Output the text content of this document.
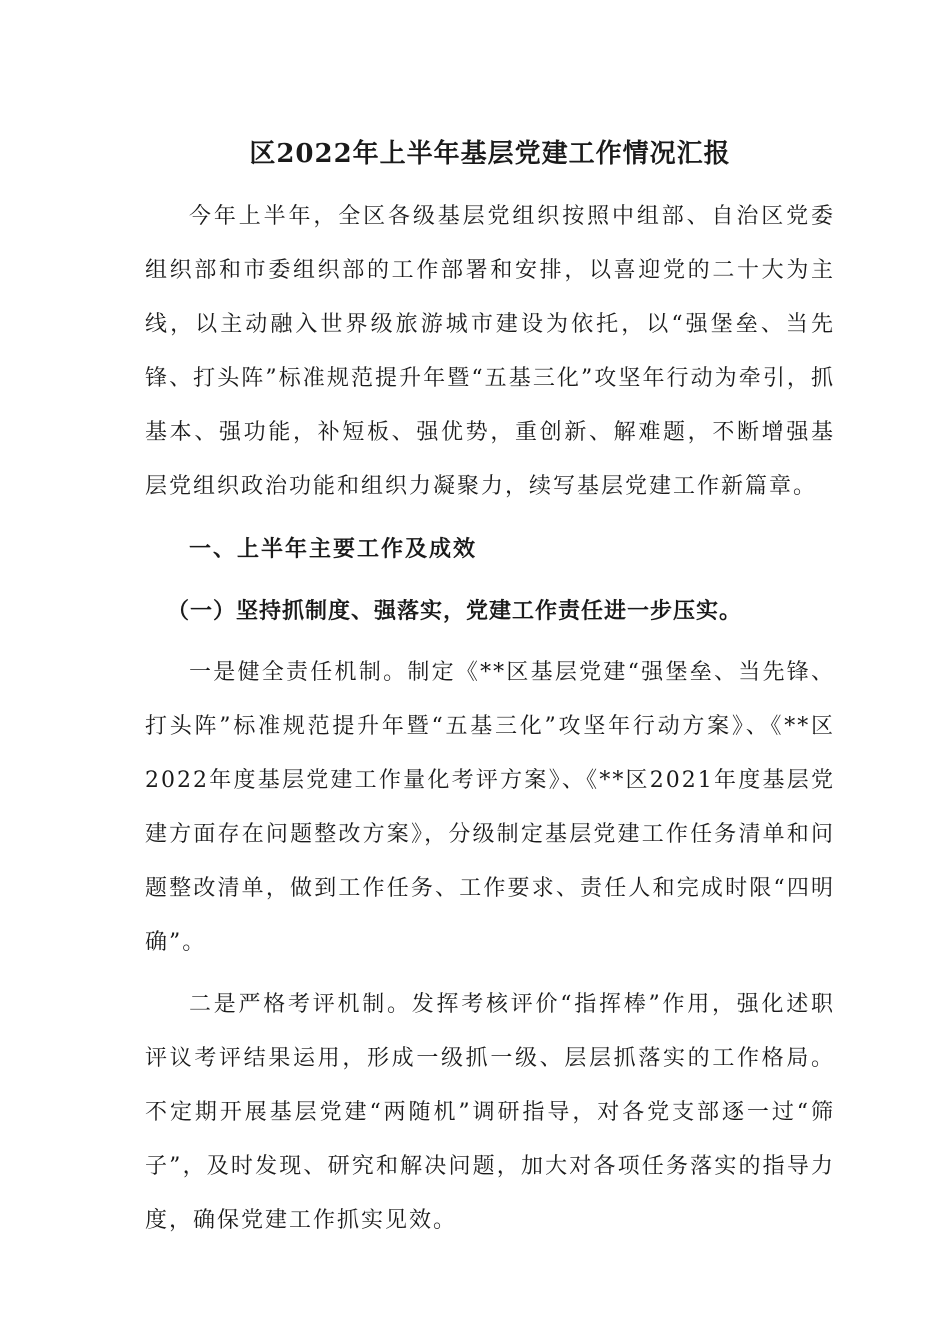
区2022年上半年基层党建工作情况汇报

今年上半年，全区各级基层党组织按照中组部、自治区党委组织部和市委组织部的工作部署和安排，以喜迎党的二十大为主线，以主动融入世界级旅游城市建设为依托，以“强堡垒、当先锋、打头阵”标准规范提升年暨“五基三化”攻坚年行动为牵引，抓基本、强功能，补短板、强优势，重创新、解难题，不断增强基层党组织政治功能和组织力凝聚力，续写基层党建工作新篇章。

一、上半年主要工作及成效
（一）坚持抓制度、强落实，党建工作责任进一步压实。

一是健全责任机制。制定《**区基层党建“强堡垒、当先锋、打头阵”标准规范提升年暨“五基三化”攻坚年行动方案》、《**区2022年度基层党建工作量化考评方案》、《**区2021年度基层党建方面存在问题整改方案》，分级制定基层党建工作任务清单和问题整改清单，做到工作任务、工作要求、责任人和完成时限“四明确”。

二是严格考评机制。发挥考核评价“指挥棒”作用，强化述职评议考评结果运用，形成一级抓一级、层层抓落实的工作格局。不定期开展基层党建“两随机”调研指导，对各党支部逐一过“筛子”，及时发现、研究和解决问题，加大对各项任务落实的指导力度，确保党建工作抓实见效。
